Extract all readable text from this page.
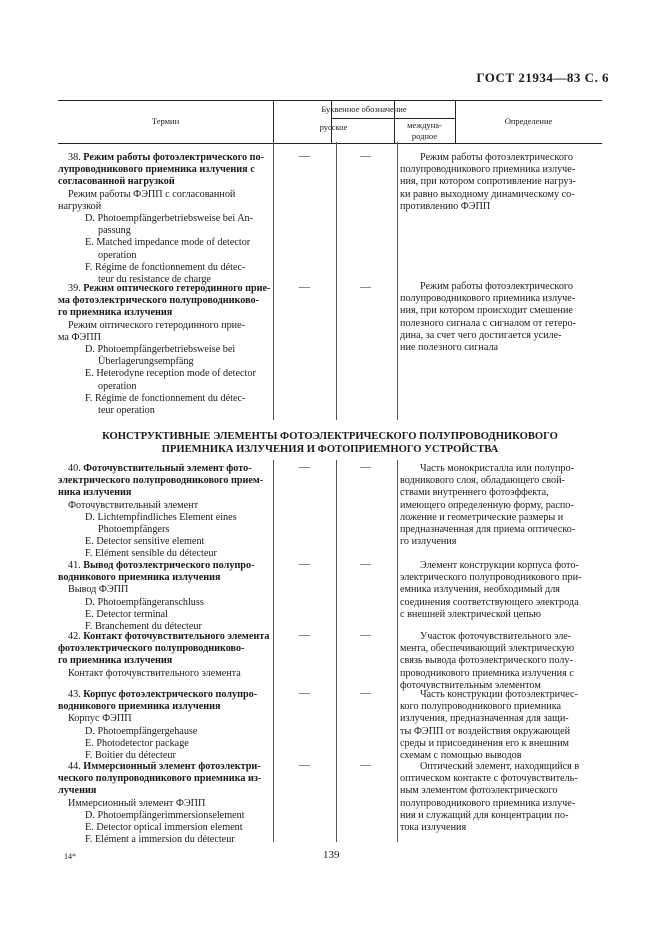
ГОСТ 21934—83 С. 6
Термин
Буквенное обозначение
русское	междуна-
родное
Определение
38. Режим работы фотоэлектрического по-
лупроводникового приемника излучения с
согласованной нагрузкой
Режим работы ФЭПП с согласованной
нагрузкой
D. Photoempfängerbetriebsweise bei An-
passung
E. Matched impedance mode of detector
operation
F. Régime de fonctionnement du détec-
teur du resistance de charge
—	—	Режим работы фотоэлектрического
полупроводникового приемника излуче-
ния, при котором сопротивление нагруз-
ки равно выходному динамическому со-
противлению ФЭПП
39. Режим оптического гетеродинного прие-
ма фотоэлектрического полупроводниково-
го приемника излучения
Режим оптического гетеродинного прие-
ма ФЭПП
D. Photoempfängerbetriebsweise bei
Überlagerungsempfäng
E. Heterodyne reception mode of detector
operation
F. Régime de fonctionnement du détec-
teur operation
—	—	Режим работы фотоэлектрического
полупроводникового приемника излуче-
ния, при котором происходит смешение
полезного сигнала с сигналом от гетеро-
дина, за счет чего достигается усиле-
ние полезного сигнала
КОНСТРУКТИВНЫЕ ЭЛЕМЕНТЫ ФОТОЭЛЕКТРИЧЕСКОГО ПОЛУПРОВОДНИКОВОГО
ПРИЕМНИКА ИЗЛУЧЕНИЯ И ФОТОПРИЕМНОГО УСТРОЙСТВА
40. Фоточувствительный элемент фото-
электрического полупроводникового прием-
ника излучения
Фоточувствительный элемент
D. Lichtempfindliches Element eines
Photoempfängers
E. Detector sensitive element
F. Elément sensible du détecteur
—	—	Часть монокристалла или полупро-
водникового слоя, обладающего свой-
ствами внутреннего фотоэффекта,
имеющего определенную форму, распо-
ложение и геометрические размеры и
предназначенная для приема оптическо-
го излучения
41. Вывод фотоэлектрического полупро-
водникового приемника излучения
Вывод ФЭПП
D. Photoempfängeranschluss
E. Detector terminal
F. Branchement du détecteur
—	—	Элемент конструкции корпуса фото-
электрического полупроводникового при-
емника излучения, необходимый для
соединения соответствующего электрода
с внешней электрической цепью
42. Контакт фоточувствительного элемента
фотоэлектрического полупроводниково-
го приемника излучения
Контакт фоточувствительного элемента
—	—	Участок фоточувствительного эле-
мента, обеспечивающий электрическую
связь вывода фотоэлектрического полу-
проводникового приемника излучения с
фоточувствительным элементом
43. Корпус фотоэлектрического полупро-
водникового приемника излучения
Корпус ФЭПП
D. Photoempfängergehause
E. Photodetector package
F. Boitier du détecteur
—	—	Часть конструкции фотоэлектричес-
кого полупроводникового приемника
излучения, предназначенная для защи-
ты ФЭПП от воздействия окружающей
среды и присоединения его к внешним
схемам с помощью выводов
44. Иммерсионный элемент фотоэлектри-
ческого полупроводникового приемника из-
лучения
Иммерсионный элемент ФЭПП
D. Photoempfängerimmersionselement
E. Detector optical immersion element
F. Elément a immersion du détecteur
—	—	Оптический элемент, находящийся в
оптическом контакте с фоточувствитель-
ным элементом фотоэлектрического
полупроводникового приемника излуче-
ния и служащий для концентрации по-
тока излучения
14*	139
